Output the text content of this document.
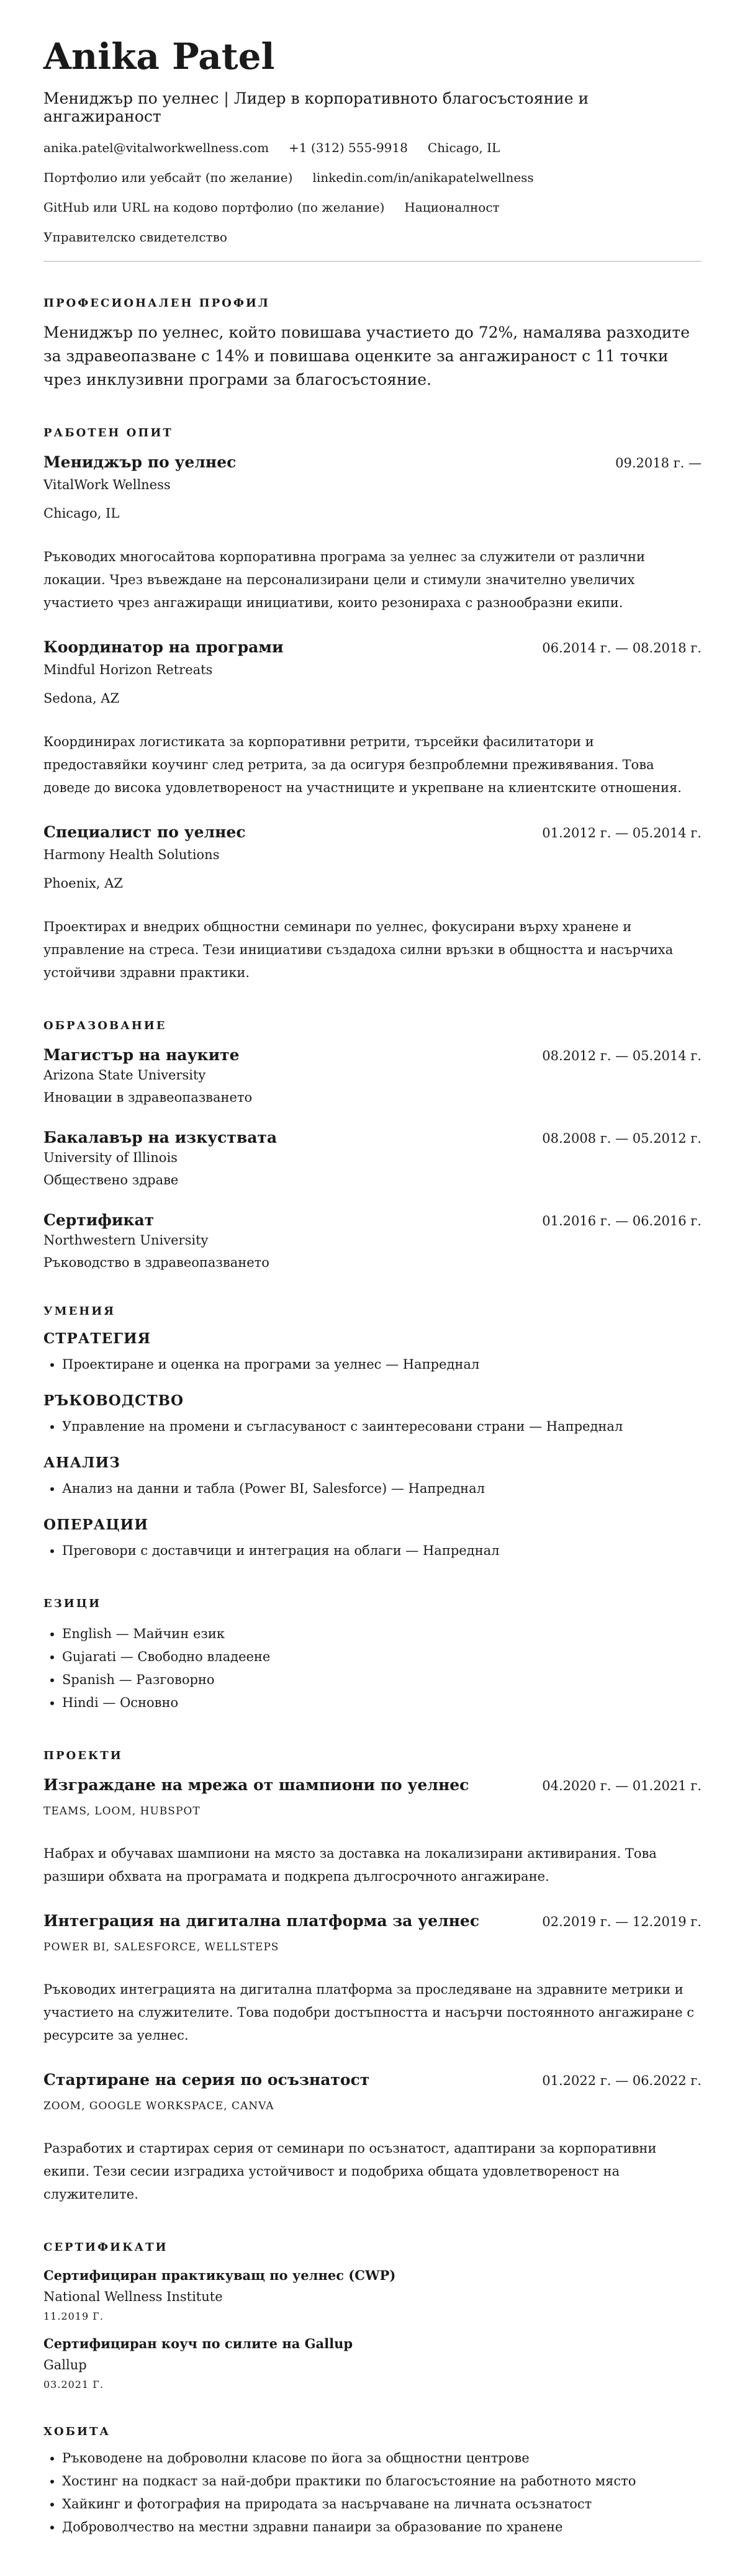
Anika Patel
Мениджър по уелнес | Лидер в корпоративното благосъстояние и ангажираност
anika.patel@vitalworkwellness.com +1 (312) 555-9918 Chicago, IL
Портфолио или уебсайт (по желание) linkedin.com/in/anikapatelwellness
GitHub или URL на кодово портфолио (по желание) Националност
Управителско свидетелство
ПРОФЕСИОНАЛЕН ПРОФИЛ
Мениджър по уелнес, който повишава участието до 72%, намалява разходите за здравеопазване с 14% и повишава оценките за ангажираност с 11 точки чрез инклузивни програми за благосъстояние.
РАБОТЕН ОПИТ
Мениджър по уелнес	09.2018 г. —
VitalWork Wellness
Chicago, IL
Ръководих многосайтова корпоративна програма за уелнес за служители от различни локации. Чрез въвеждане на персонализирани цели и стимули значително увеличих участието чрез ангажиращи инициативи, които резонираха с разнообразни екипи.
Координатор на програми	06.2014 г. — 08.2018 г.
Mindful Horizon Retreats
Sedona, AZ
Координирах логистиката за корпоративни ретрити, търсейки фасилитатори и предоставяйки коучинг след ретрита, за да осигуря безпроблемни преживявания. Това доведе до висока удовлетвореност на участниците и укрепване на клиентските отношения.
Специалист по уелнес	01.2012 г. — 05.2014 г.
Harmony Health Solutions
Phoenix, AZ
Проектирах и внедрих общностни семинари по уелнес, фокусирани върху хранене и управление на стреса. Тези инициативи създадоха силни връзки в общността и насърчиха устойчиви здравни практики.
ОБРАЗОВАНИЕ
Магистър на науките	08.2012 г. — 05.2014 г.
Arizona State University
Иновации в здравеопазването
Бакалавър на изкуствата	08.2008 г. — 05.2012 г.
University of Illinois
Обществено здраве
Сертификат	01.2016 г. — 06.2016 г.
Northwestern University
Ръководство в здравеопазването
УМЕНИЯ
СТРАТЕГИЯ
• Проектиране и оценка на програми за уелнес — Напреднал
РЪКОВОДСТВО
• Управление на промени и съгласуваност с заинтересовани страни — Напреднал
АНАЛИЗ
• Анализ на данни и табла (Power BI, Salesforce) — Напреднал
ОПЕРАЦИИ
• Преговори с доставчици и интеграция на облаги — Напреднал
ЕЗИЦИ
• English — Майчин език
• Gujarati — Свободно владеене
• Spanish — Разговорно
• Hindi — Основно
ПРОЕКТИ
Изграждане на мрежа от шампиони по уелнес	04.2020 г. — 01.2021 г.
TEAMS, LOOM, HUBSPOT
Набрах и обучавах шампиони на място за доставка на локализирани активирания. Това разшири обхвата на програмата и подкрепа дългосрочното ангажиране.
Интеграция на дигитална платформа за уелнес	02.2019 г. — 12.2019 г.
POWER BI, SALESFORCE, WELLSTEPS
Ръководих интеграцията на дигитална платформа за проследяване на здравните метрики и участието на служителите. Това подобри достъпността и насърчи постоянното ангажиране с ресурсите за уелнес.
Стартиране на серия по осъзнатост	01.2022 г. — 06.2022 г.
ZOOM, GOOGLE WORKSPACE, CANVA
Разработих и стартирах серия от семинари по осъзнатост, адаптирани за корпоративни екипи. Тези сесии изградиха устойчивост и подобриха общата удовлетвореност на служителите.
СЕРТИФИКАТИ
Сертифициран практикуващ по уелнес (CWP)
National Wellness Institute
11.2019 Г.
Сертифициран коуч по силите на Gallup
Gallup
03.2021 Г.
ХОБИТА
• Ръководене на доброволни класове по йога за общностни центрове
• Хостинг на подкаст за най-добри практики по благосъстояние на работното място
• Хайкинг и фотография на природата за насърчаване на личната осъзнатост
• Доброволчество на местни здравни панаири за образование по хранене
